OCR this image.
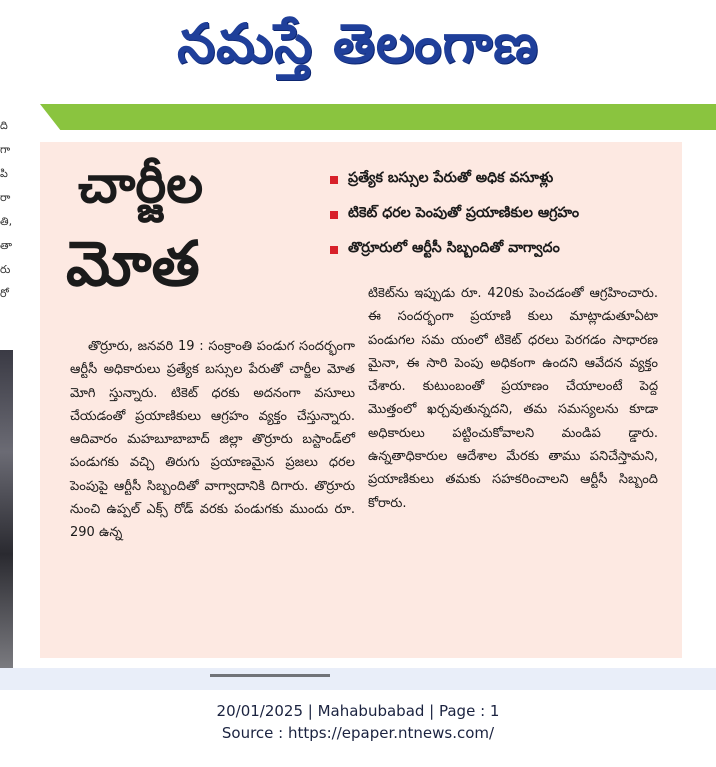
నమస్తే తెలంగాణ
ది
గా
పి
రా
తి,
తా
రు
రో
చార్జీల
మోత
ప్రత్యేక బస్సుల పేరుతో అధిక వసూళ్లు
టికెట్‌ ధరల పెంపుతో ప్రయాణికుల ఆగ్రహం
తొర్రూరులో ఆర్టీసీ సిబ్బందితో వాగ్వాదం
తొర్రూరు, జనవరి 19 : సంక్రాంతి పండుగ సందర్భంగా ఆర్టీసీ అధికారులు ప్రత్యేక బస్సుల పేరుతో చార్జీల మోత మోగి స్తున్నారు. టికెట్‌ ధరకు అదనంగా వసూలు చేయడంతో ప్రయాణికులు ఆగ్రహం వ్యక్తం చేస్తున్నారు. ఆదివారం మహబూబాబాద్‌ జిల్లా తొర్రూరు బస్టాండ్‌లో పండుగకు వచ్చి తిరుగు ప్రయాణమైన ప్రజలు ధరల పెంపుపై ఆర్టీసీ సిబ్బందితో వాగ్వాదానికి దిగారు. తొర్రూరు నుంచి ఉప్పల్‌ ఎక్స్‌ రోడ్‌ వరకు పండుగకు ముందు రూ. 290 ఉన్న
టికెట్‌ను ఇప్పుడు రూ. 420కు పెంచడంతో ఆగ్రహించారు. ఈ సందర్భంగా ప్రయాణి కులు మాట్లాడుతూఏటా పండుగల సమ యంలో టికెట్‌ ధరలు పెరగడం సాధారణ మైనా, ఈ సారి పెంపు అధికంగా ఉందని ఆవేదన వ్యక్తం చేశారు. కుటుంబంతో ప్రయాణం చేయాలంటే పెద్ద మొత్తంలో ఖర్చవుతున్నదని, తమ సమస్యలను కూడా అధికారులు పట్టించుకోవాలని మండిప డ్డారు. ఉన్నతాధికారుల ఆదేశాల మేరకు తాము పనిచేస్తామని, ప్రయాణికులు తమకు సహకరించాలని ఆర్టీసీ సిబ్బంది కోరారు.
20/01/2025 | Mahabubabad | Page : 1
Source : https://epaper.ntnews.com/
